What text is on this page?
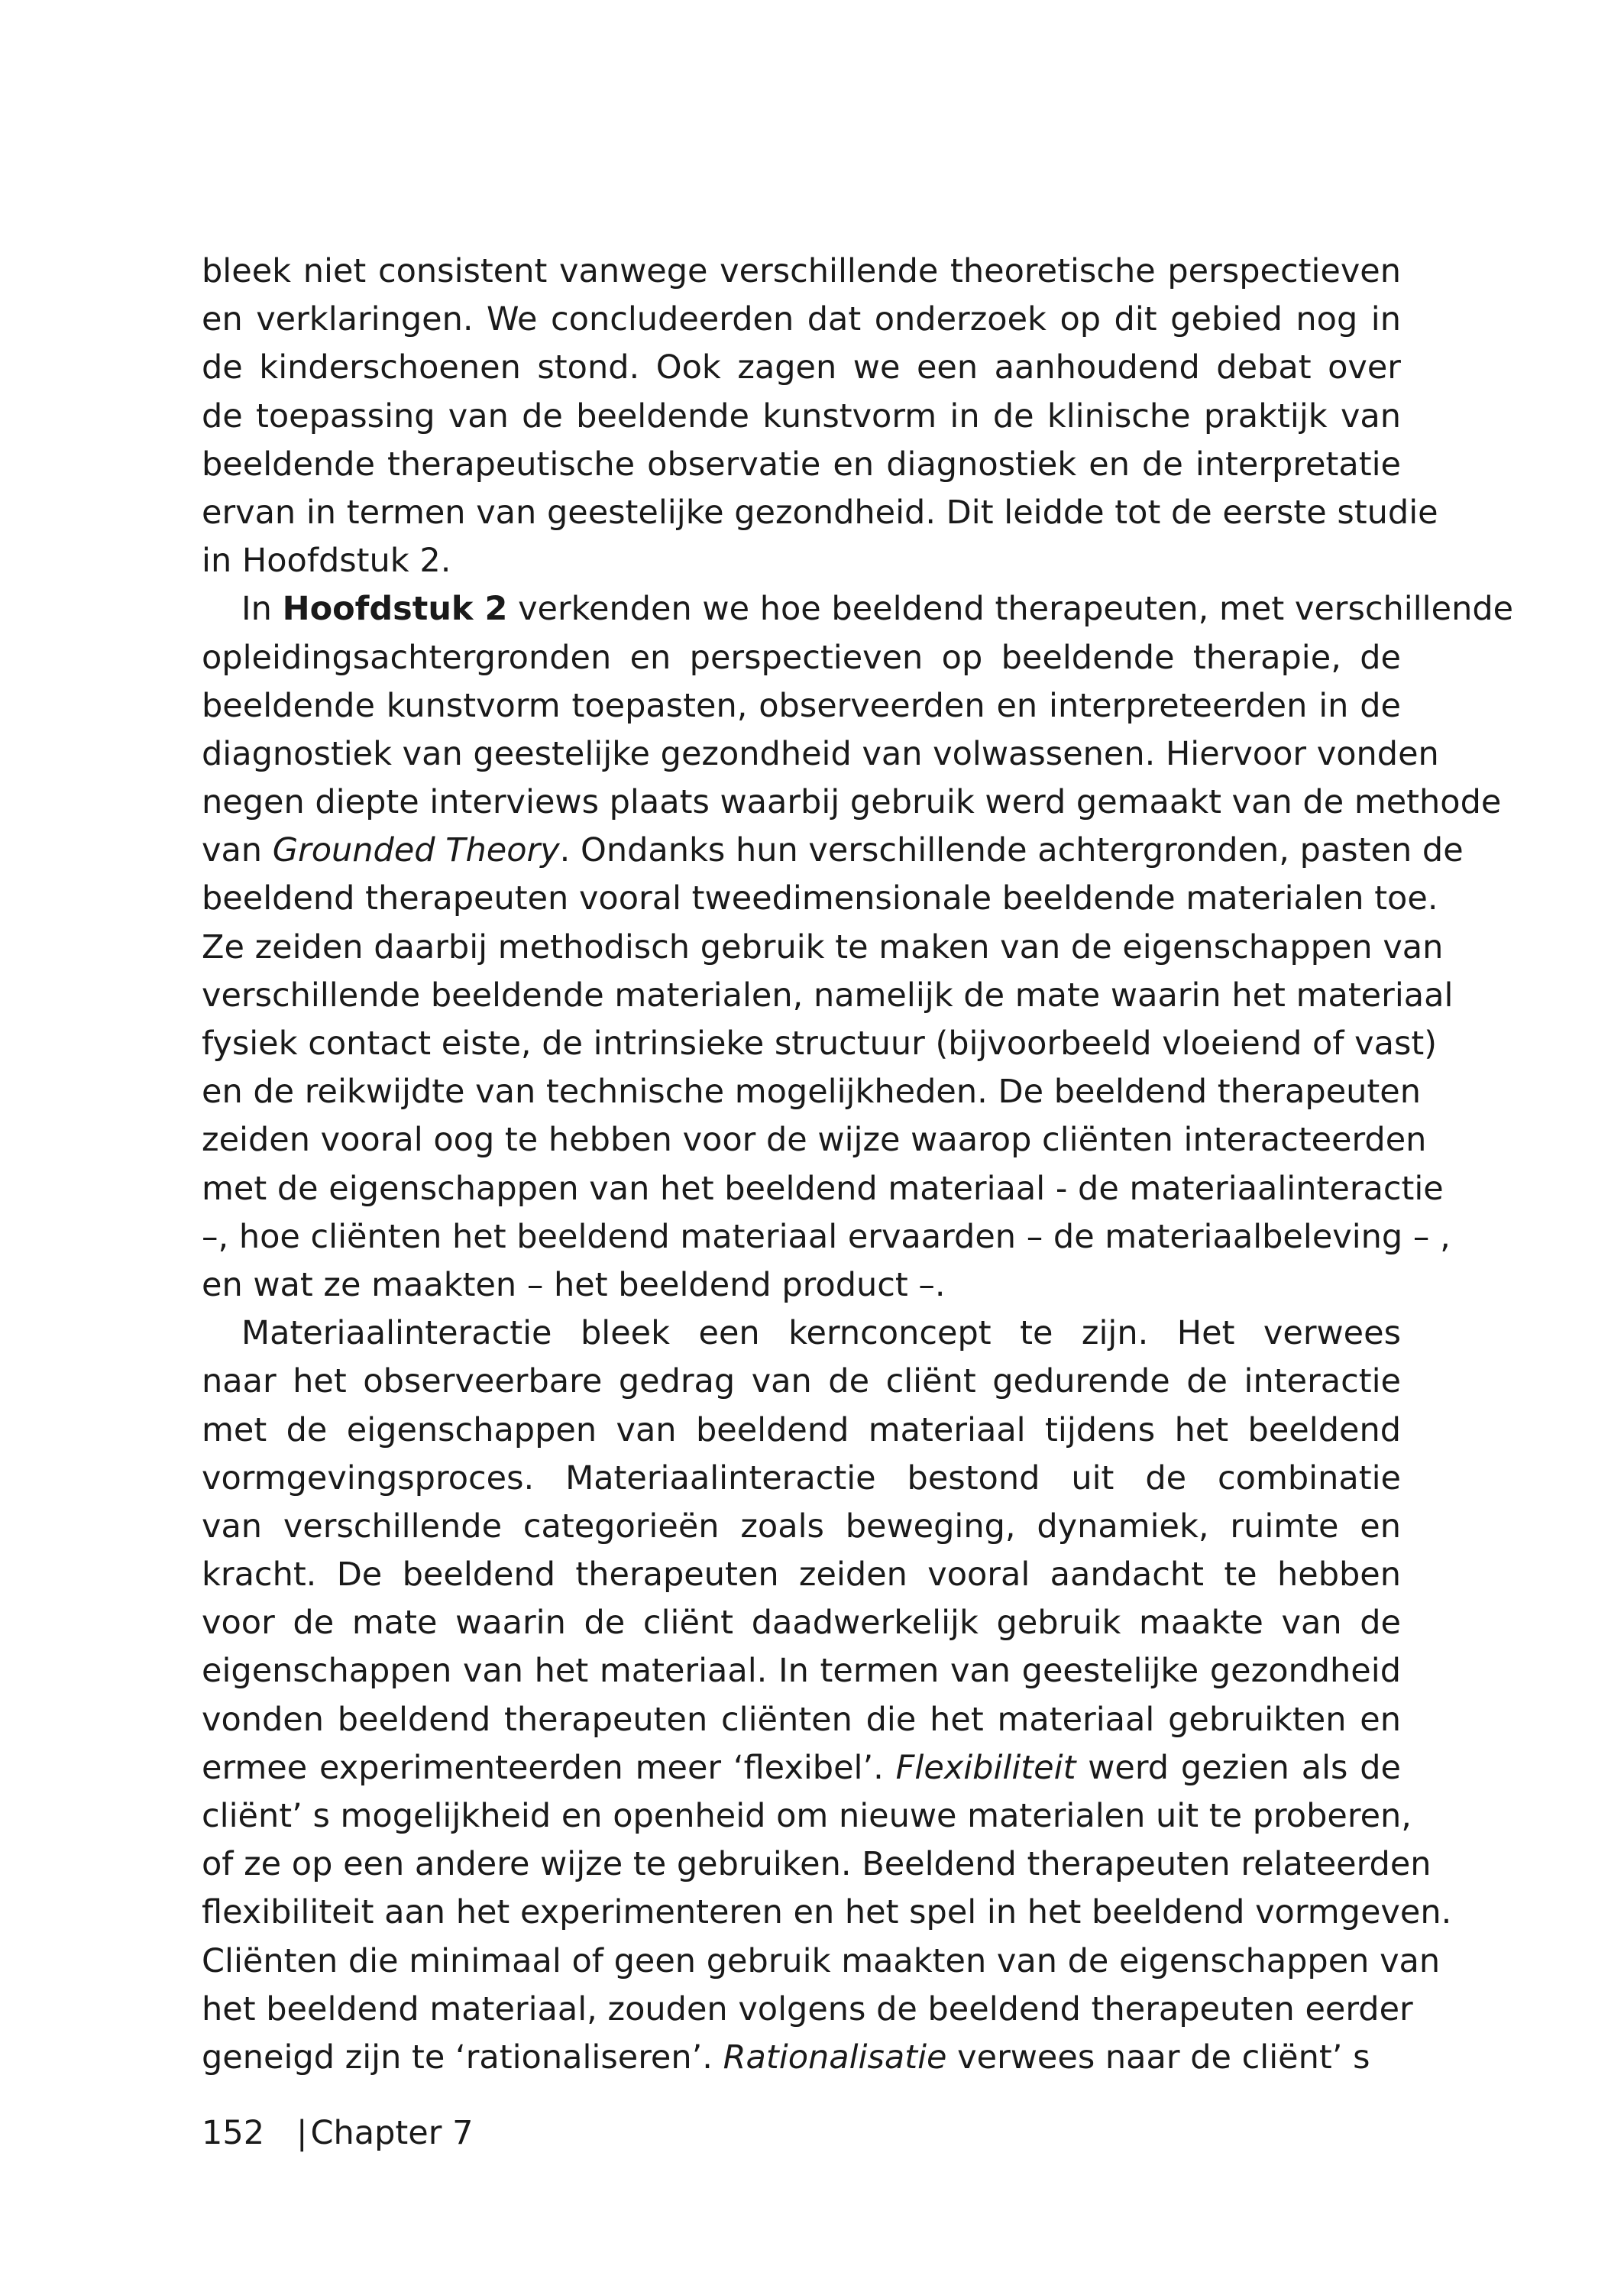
bleek niet consistent vanwege verschillende theoretische perspectieven
en verklaringen. We concludeerden dat onderzoek op dit gebied nog in
de kinderschoenen stond. Ook zagen we een aanhoudend debat over
de toepassing van de beeldende kunstvorm in de klinische praktijk van
beeldende therapeutische observatie en diagnostiek en de interpretatie
ervan in termen van geestelijke gezondheid. Dit leidde tot de eerste studie
in Hoofdstuk 2.
In Hoofdstuk 2 verkenden we hoe beeldend therapeuten, met verschillende
opleidingsachtergronden en perspectieven op beeldende therapie, de
beeldende kunstvorm toepasten, observeerden en interpreteerden in de
diagnostiek van geestelijke gezondheid van volwassenen. Hiervoor vonden
negen diepte interviews plaats waarbij gebruik werd gemaakt van de methode
van Grounded Theory. Ondanks hun verschillende achtergronden, pasten de
beeldend therapeuten vooral tweedimensionale beeldende materialen toe.
Ze zeiden daarbij methodisch gebruik te maken van de eigenschappen van
verschillende beeldende materialen, namelijk de mate waarin het materiaal
fysiek contact eiste, de intrinsieke structuur (bijvoorbeeld vloeiend of vast)
en de reikwijdte van technische mogelijkheden. De beeldend therapeuten
zeiden vooral oog te hebben voor de wijze waarop cliënten interacteerden
met de eigenschappen van het beeldend materiaal - de materiaalinteractie
–, hoe cliënten het beeldend materiaal ervaarden – de materiaalbeleving – ,
en wat ze maakten – het beeldend product –.
Materiaalinteractie bleek een kernconcept te zijn. Het verwees
naar het observeerbare gedrag van de cliënt gedurende de interactie
met de eigenschappen van beeldend materiaal tijdens het beeldend
vormgevingsproces. Materiaalinteractie bestond uit de combinatie
van verschillende categorieën zoals beweging, dynamiek, ruimte en
kracht. De beeldend therapeuten zeiden vooral aandacht te hebben
voor de mate waarin de cliënt daadwerkelijk gebruik maakte van de
eigenschappen van het materiaal. In termen van geestelijke gezondheid
vonden beeldend therapeuten cliënten die het materiaal gebruikten en
ermee experimenteerden meer ‘flexibel’. Flexibiliteit werd gezien als de
cliënt’ s mogelijkheid en openheid om nieuwe materialen uit te proberen,
of ze op een andere wijze te gebruiken. Beeldend therapeuten relateerden
flexibiliteit aan het experimenteren en het spel in het beeldend vormgeven.
Cliënten die minimaal of geen gebruik maakten van de eigenschappen van
het beeldend materiaal, zouden volgens de beeldend therapeuten eerder
geneigd zijn te ‘rationaliseren’. Rationalisatie verwees naar de cliënt’ s
152 |Chapter 7
